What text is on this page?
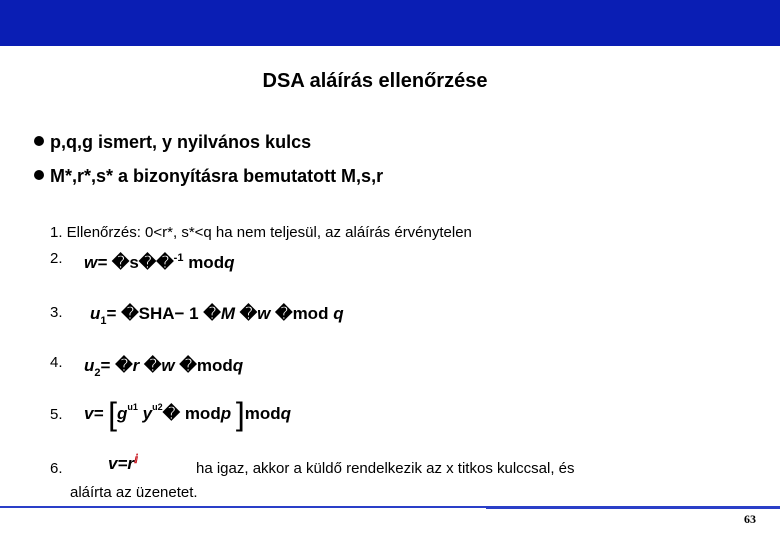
DSA aláírás ellenőrzése
p,q,g ismert, y nyilvános kulcs
M*,r*,s* a bizonyításra bemutatott M,s,r
1. Ellenőrzés: 0<r*, s*<q ha nem teljesül, az aláírás érvénytelen
2. w= �s��$^{-1}$ modq
3. $u_1=$ �SHA− 1 �M �w �mod q
4. $u_2=$ �r �w �modq
5. $v= [g^{u1}$ $y^{u2}�$ modp ]modq
6.	$v=r^ⅈ$
ha igaz, akkor a küldő rendelkezik az x titkos kulccsal, és
aláírta az üzenetet.
63
